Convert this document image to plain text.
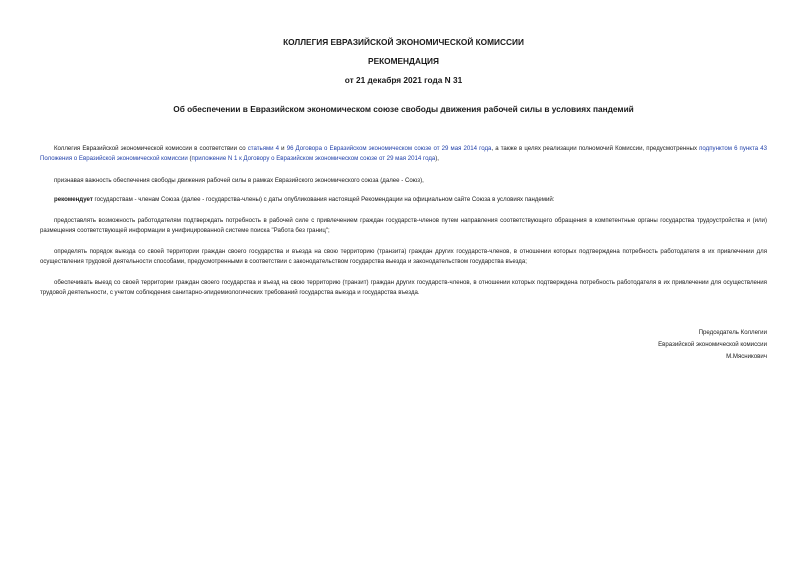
КОЛЛЕГИЯ ЕВРАЗИЙСКОЙ ЭКОНОМИЧЕСКОЙ КОМИССИИ

РЕКОМЕНДАЦИЯ

от 21 декабря 2021 года N 31

Об обеспечении в Евразийском экономическом союзе свободы движения рабочей силы в условиях пандемий

Коллегия Евразийской экономической комиссии в соответствии со статьями 4 и 96 Договора о Евразийском экономическом союзе от 29 мая 2014 года, а также в целях реализации полномочий Комиссии, предусмотренных подпунктом 6 пункта 43 Положения о Евразийской экономической комиссии (приложение N 1 к Договору о Евразийском экономическом союзе от 29 мая 2014 года),

признавая важность обеспечения свободы движения рабочей силы в рамках Евразийского экономического союза (далее - Союз),

рекомендует государствам - членам Союза (далее - государства-члены) с даты опубликования настоящей Рекомендации на официальном сайте Союза в условиях пандемий:

предоставлять возможность работодателям подтверждать потребность в рабочей силе с привлечением граждан государств-членов путем направления соответствующего обращения в компетентные органы государства трудоустройства и (или) размещения соответствующей информации в унифицированной системе поиска "Работа без границ";

определять порядок выезда со своей территории граждан своего государства и въезда на свою территорию (транзита) граждан других государств-членов, в отношении которых подтверждена потребность работодателя в их привлечении для осуществления трудовой деятельности способами, предусмотренными в соответствии с законодательством государства выезда и законодательством государства въезда;

обеспечивать выезд со своей территории граждан своего государства и въезд на свою территорию (транзит) граждан других государств-членов, в отношении которых подтверждена потребность работодателя в их привлечении для осуществления трудовой деятельности, с учетом соблюдения санитарно-эпидемиологических требований государства выезда и государства въезда.

Председатель Коллегии

Евразийской экономической комиссии

М.Мясникович
